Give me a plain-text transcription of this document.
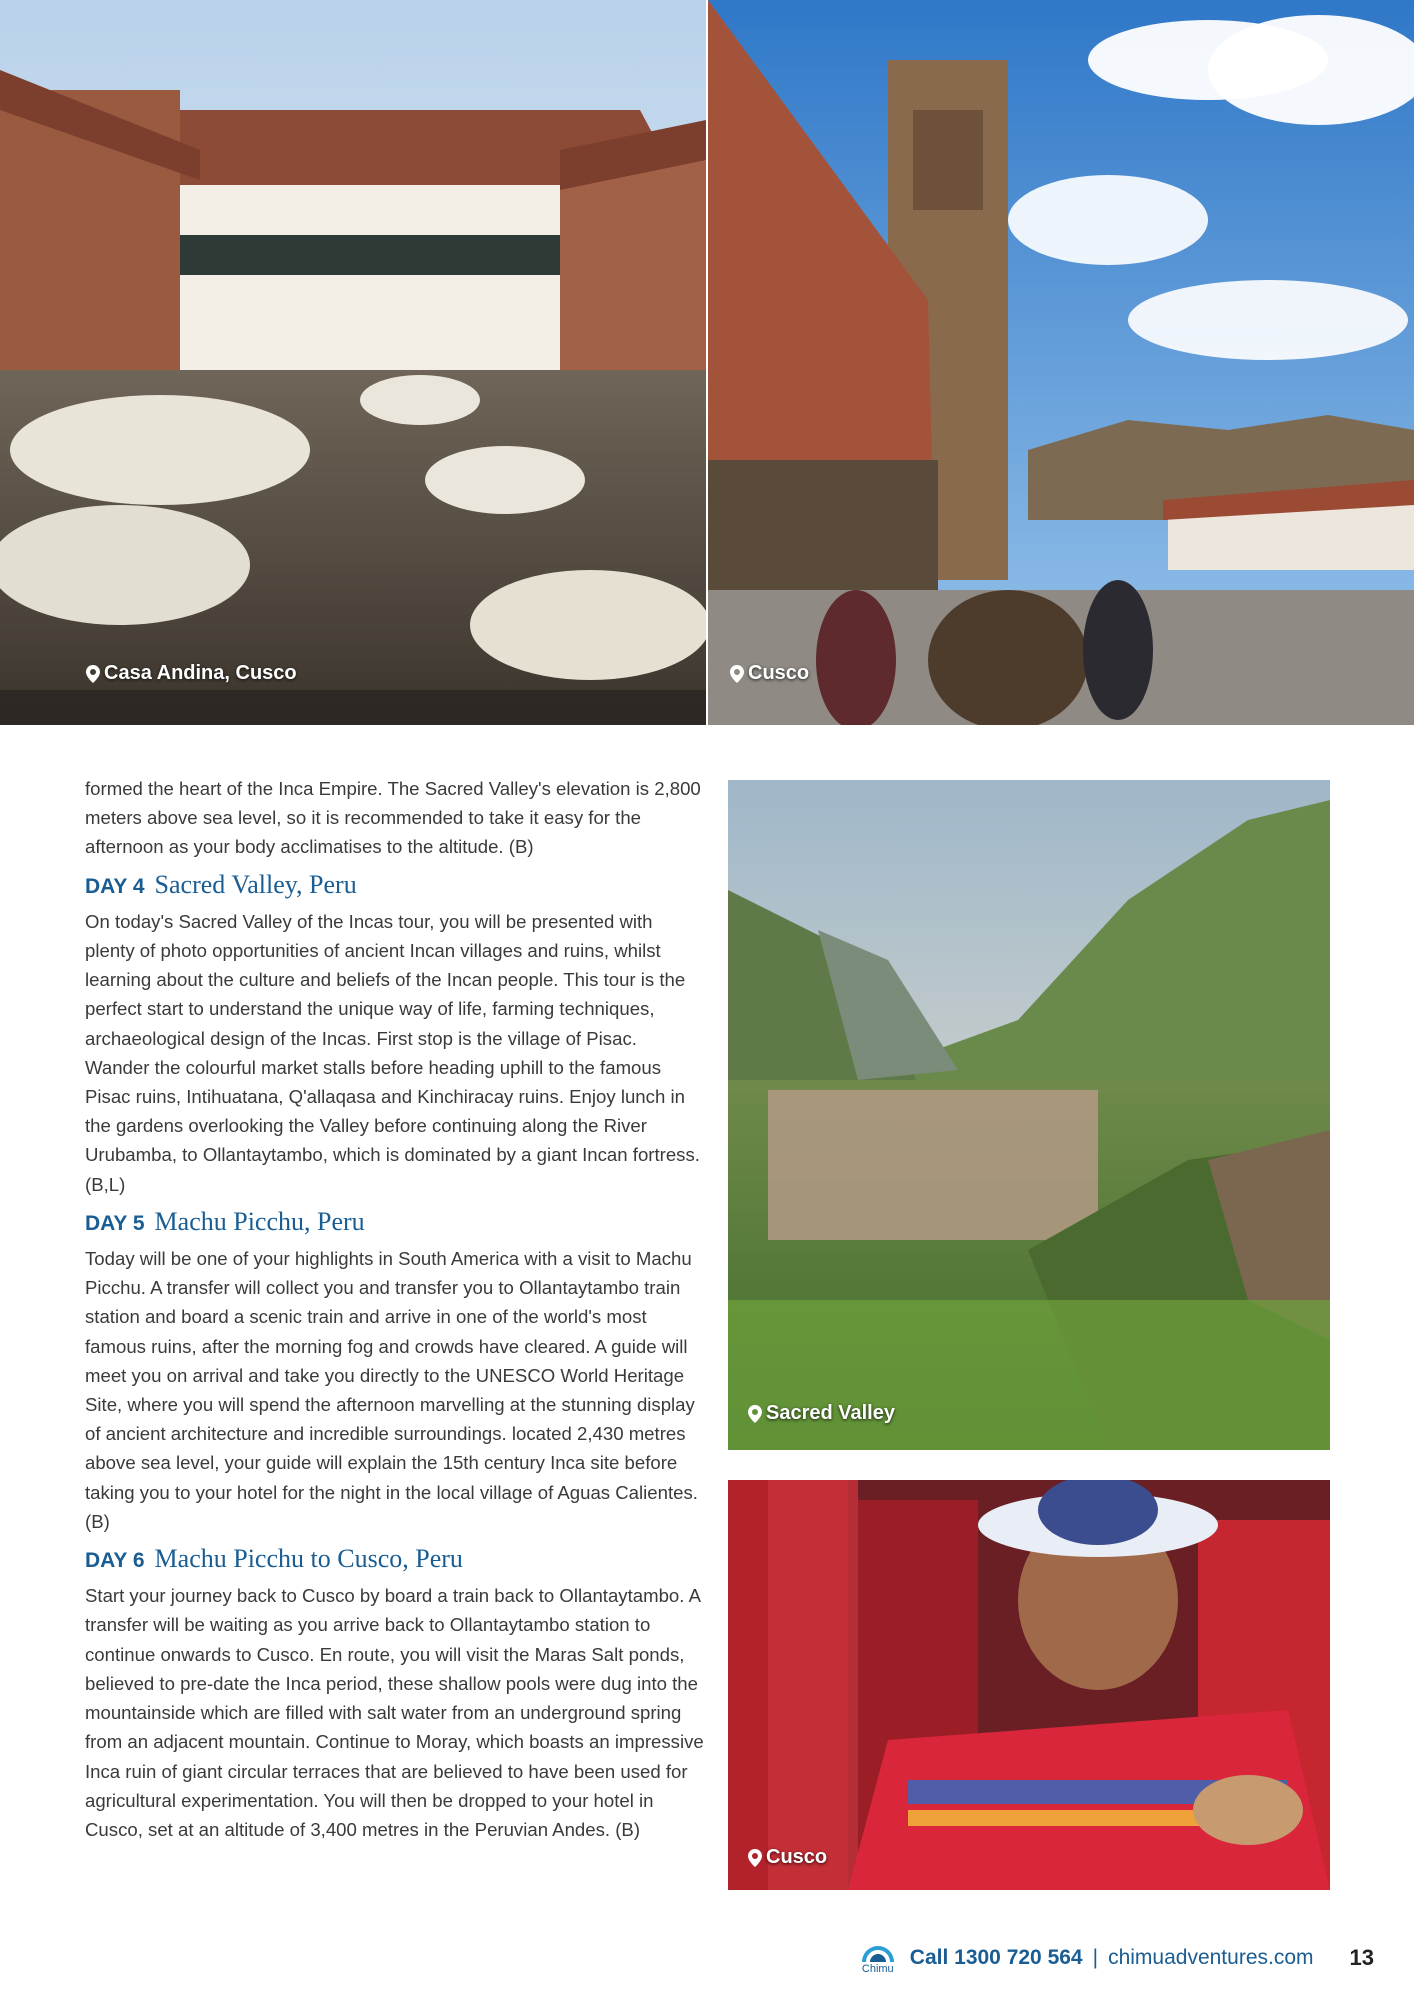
Casa Andina, Cusco	Cusco
Sacred Valley
Cusco

formed the heart of the Inca Empire. The Sacred Valley's elevation is 2,800 meters above sea level, so it is recommended to take it easy for the afternoon as your body acclimatises to the altitude. (B)

DAY 4 Sacred Valley, Peru

On today's Sacred Valley of the Incas tour, you will be presented with plenty of photo opportunities of ancient Incan villages and ruins, whilst learning about the culture and beliefs of the Incan people. This tour is the perfect start to understand the unique way of life, farming techniques, archaeological design of the Incas. First stop is the village of Pisac. Wander the colourful market stalls before heading uphill to the famous Pisac ruins, Intihuatana, Q'allaqasa and Kinchiracay ruins. Enjoy lunch in the gardens overlooking the Valley before continuing along the River Urubamba, to Ollantaytambo, which is dominated by a giant Incan fortress. (B,L)

DAY 5 Machu Picchu, Peru

Today will be one of your highlights in South America with a visit to Machu Picchu. A transfer will collect you and transfer you to Ollantaytambo train station and board a scenic train and arrive in one of the world's most famous ruins, after the morning fog and crowds have cleared. A guide will meet you on arrival and take you directly to the UNESCO World Heritage Site, where you will spend the afternoon marvelling at the stunning display of ancient architecture and incredible surroundings. located 2,430 metres above sea level, your guide will explain the 15th century Inca site before taking you to your hotel for the night in the local village of Aguas Calientes. (B)

DAY 6 Machu Picchu to Cusco, Peru

Start your journey back to Cusco by board a train back to Ollantaytambo. A transfer will be waiting as you arrive back to Ollantaytambo station to continue onwards to Cusco. En route, you will visit the Maras Salt ponds, believed to pre-date the Inca period, these shallow pools were dug into the mountainside which are filled with salt water from an underground spring from an adjacent mountain. Continue to Moray, which boasts an impressive Inca ruin of giant circular terraces that are believed to have been used for agricultural experimentation. You will then be dropped to your hotel in Cusco, set at an altitude of 3,400 metres in the Peruvian Andes. (B)

Chimu Call 1300 720 564 | chimuadventures.com 13
